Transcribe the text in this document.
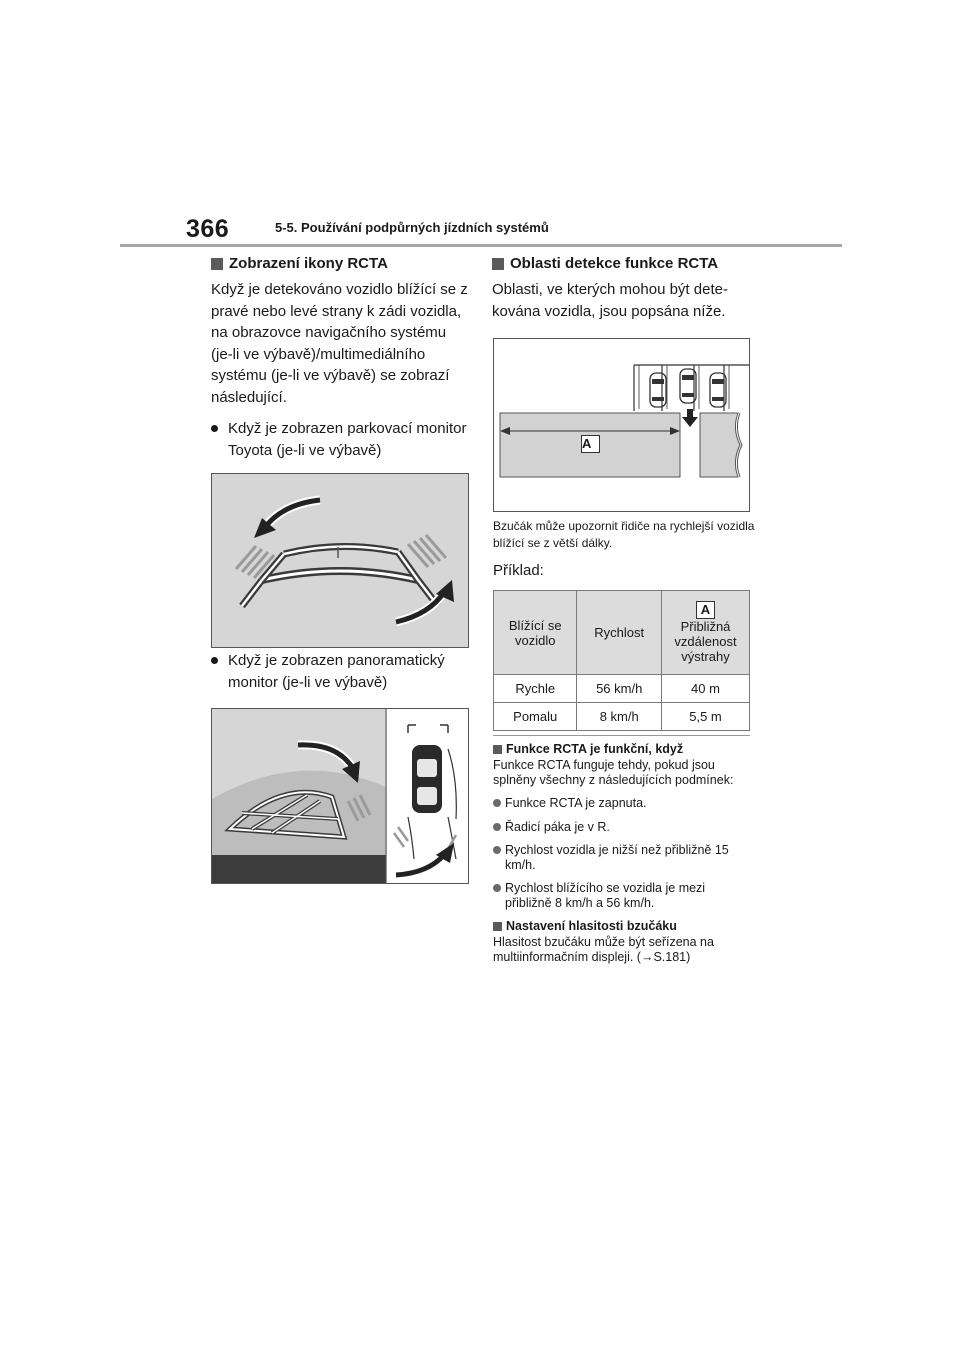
366	5-5. Používání podpůrných jízdních systémů
Zobrazení ikony RCTA

Když je detekováno vozidlo blížící se z pravé nebo levé strany k zádi vozidla, na obrazovce navigačního systému (je-li ve výbavě)/multimediálního systému (je-li ve výbavě) se zobrazí následující.

Když je zobrazen parkovací monitor Toyota (je-li ve výbavě)
Když je zobrazen panoramatický monitor (je-li ve výbavě)
Oblasti detekce funkce RCTA

Oblasti, ve kterých mohou být detekována vozidla, jsou popsána níže.

A

Bzučák může upozornit řidiče na rychlejší vozidla blížící se z větší dálky.

Příklad:

Blížící se vozidlo	Rychlost	A
Přibližná vzdálenost výstrahy
Rychle	56 km/h	40 m
Pomalu	8 km/h	5,5 m
Funkce RCTA je funkční, když

Funkce RCTA funguje tehdy, pokud jsou splněny všechny z následujících podmínek:

Funkce RCTA je zapnuta.
Řadicí páka je v R.
Rychlost vozidla je nižší než přibližně 15 km/h.
Rychlost blížícího se vozidla je mezi přibližně 8 km/h a 56 km/h.
Nastavení hlasitosti bzučáku

Hlasitost bzučáku může být seřízena na multiinformačním displeji. (→S.181)
